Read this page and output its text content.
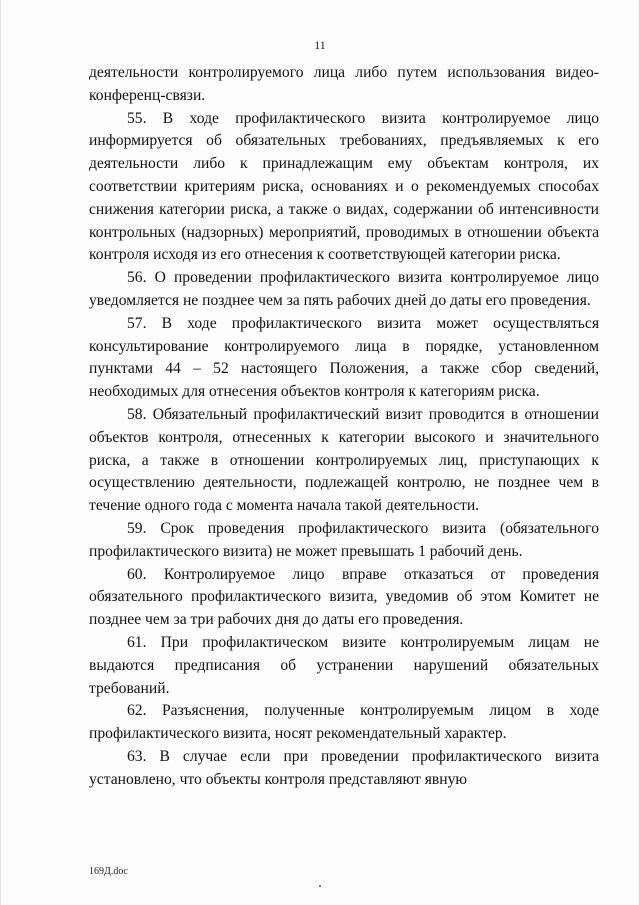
11

деятельности контролируемого лица либо путем использования видео-конференц-связи.

55. В ходе профилактического визита контролируемое лицо информируется об обязательных требованиях, предъявляемых к его деятельности либо к принадлежащим ему объектам контроля, их соответствии критериям риска, основаниях и о рекомендуемых способах снижения категории риска, а также о видах, содержании об интенсивности контрольных (надзорных) мероприятий, проводимых в отношении объекта контроля исходя из его отнесения к соответствующей категории риска.

56. О проведении профилактического визита контролируемое лицо уведомляется не позднее чем за пять рабочих дней до даты его проведения.

57. В ходе профилактического визита может осуществляться консультирование контролируемого лица в порядке, установленном пунктами 44 – 52 настоящего Положения, а также сбор сведений, необходимых для отнесения объектов контроля к категориям риска.

58. Обязательный профилактический визит проводится в отношении объектов контроля, отнесенных к категории высокого и значительного риска, а также в отношении контролируемых лиц, приступающих к осуществлению деятельности, подлежащей контролю, не позднее чем в течение одного года с момента начала такой деятельности.

59. Срок проведения профилактического визита (обязательного профилактического визита) не может превышать 1 рабочий день.

60. Контролируемое лицо вправе отказаться от проведения обязательного профилактического визита, уведомив об этом Комитет не позднее чем за три рабочих дня до даты его проведения.

61. При профилактическом визите контролируемым лицам не выдаются предписания об устранении нарушений обязательных требований.

62. Разъяснения, полученные контролируемым лицом в ходе профилактического визита, носят рекомендательный характер.

63. В случае если при проведении профилактического визита установлено, что объекты контроля представляют явную

169Д.doc
